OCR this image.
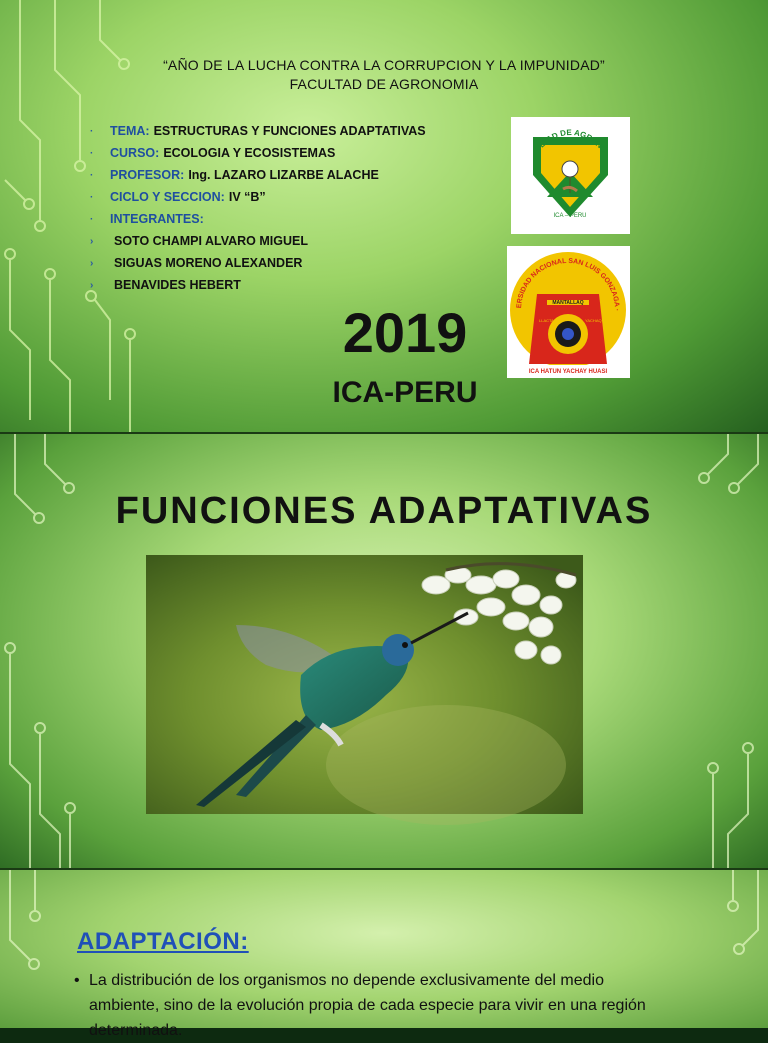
“AÑO DE LA LUCHA CONTRA LA CORRUPCION Y LA IMPUNIDAD”
FACULTAD DE AGRONOMIA
·	TEMA: ESTRUCTURAS Y FUNCIONES ADAPTATIVAS
·	CURSO: ECOLOGIA Y ECOSISTEMAS
·	PROFESOR: Ing. LAZARO LIZARBE ALACHE
·	CICLO Y SECCION: IV “B”
·	INTEGRANTES:
›	SOTO CHAMPI ALVARO MIGUEL
›	SIGUAS MORENO ALEXANDER
›	BENAVIDES HEBERT
ULTAD DE AGRONO
ICA – PERU
ERSIDAD NACIONAL SAN LUIS GONZAGA ·
MANTALLAQ
LLACTA	YACHAQ
ICA HATUN YACHAY HUASI
2019
ICA-PERU
FUNCIONES ADAPTATIVAS
ADAPTACIÓN:
• La distribución de los organismos no depende exclusivamente del medio ambiente, sino de la evolución propia de cada especie para vivir en una región determinada.
